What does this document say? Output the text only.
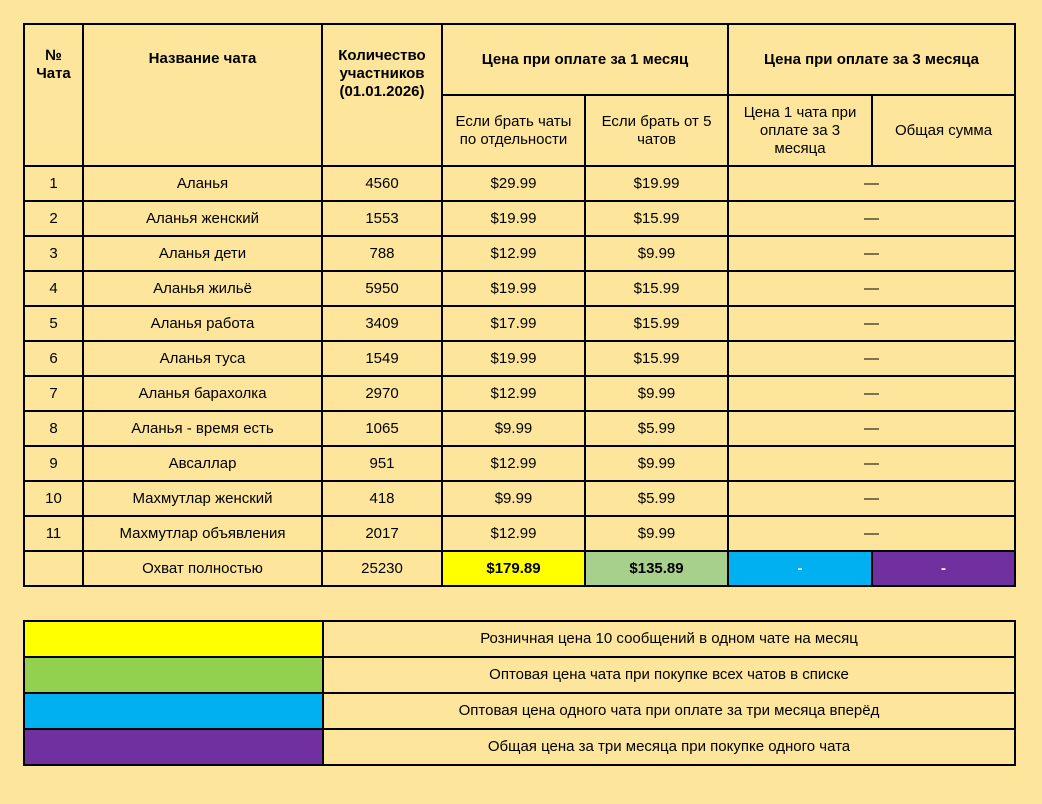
№ Чата	Название чата	Количество участников (01.01.2026)	Цена при оплате за 1 месяц		Цена при оплате за 3 месяца	
			Если брать чаты по отдельности	Если брать от 5 чатов	Цена 1 чата при оплате за 3 месяца	Общая сумма
1	Аланья	4560	$29.99	$19.99	—	
2	Аланья женский	1553	$19.99	$15.99	—	
3	Аланья дети	788	$12.99	$9.99	—	
4	Аланья жильё	5950	$19.99	$15.99	—	
5	Аланья работа	3409	$17.99	$15.99	—	
6	Аланья туса	1549	$19.99	$15.99	—	
7	Аланья барахолка	2970	$12.99	$9.99	—	
8	Аланья - время есть	1065	$9.99	$5.99	—	
9	Авсаллар	951	$12.99	$9.99	—	
10	Махмутлар женский	418	$9.99	$5.99	—	
11	Махмутлар объявления	2017	$12.99	$9.99	—	
	Охват полностью	25230	$179.89	$135.89	-	-
	Розничная цена 10 сообщений в одном чате на месяц
	Оптовая цена чата при покупке всех чатов в списке
	Оптовая цена одного чата при оплате за три месяца вперёд
	Общая цена за три месяца при покупке одного чата
